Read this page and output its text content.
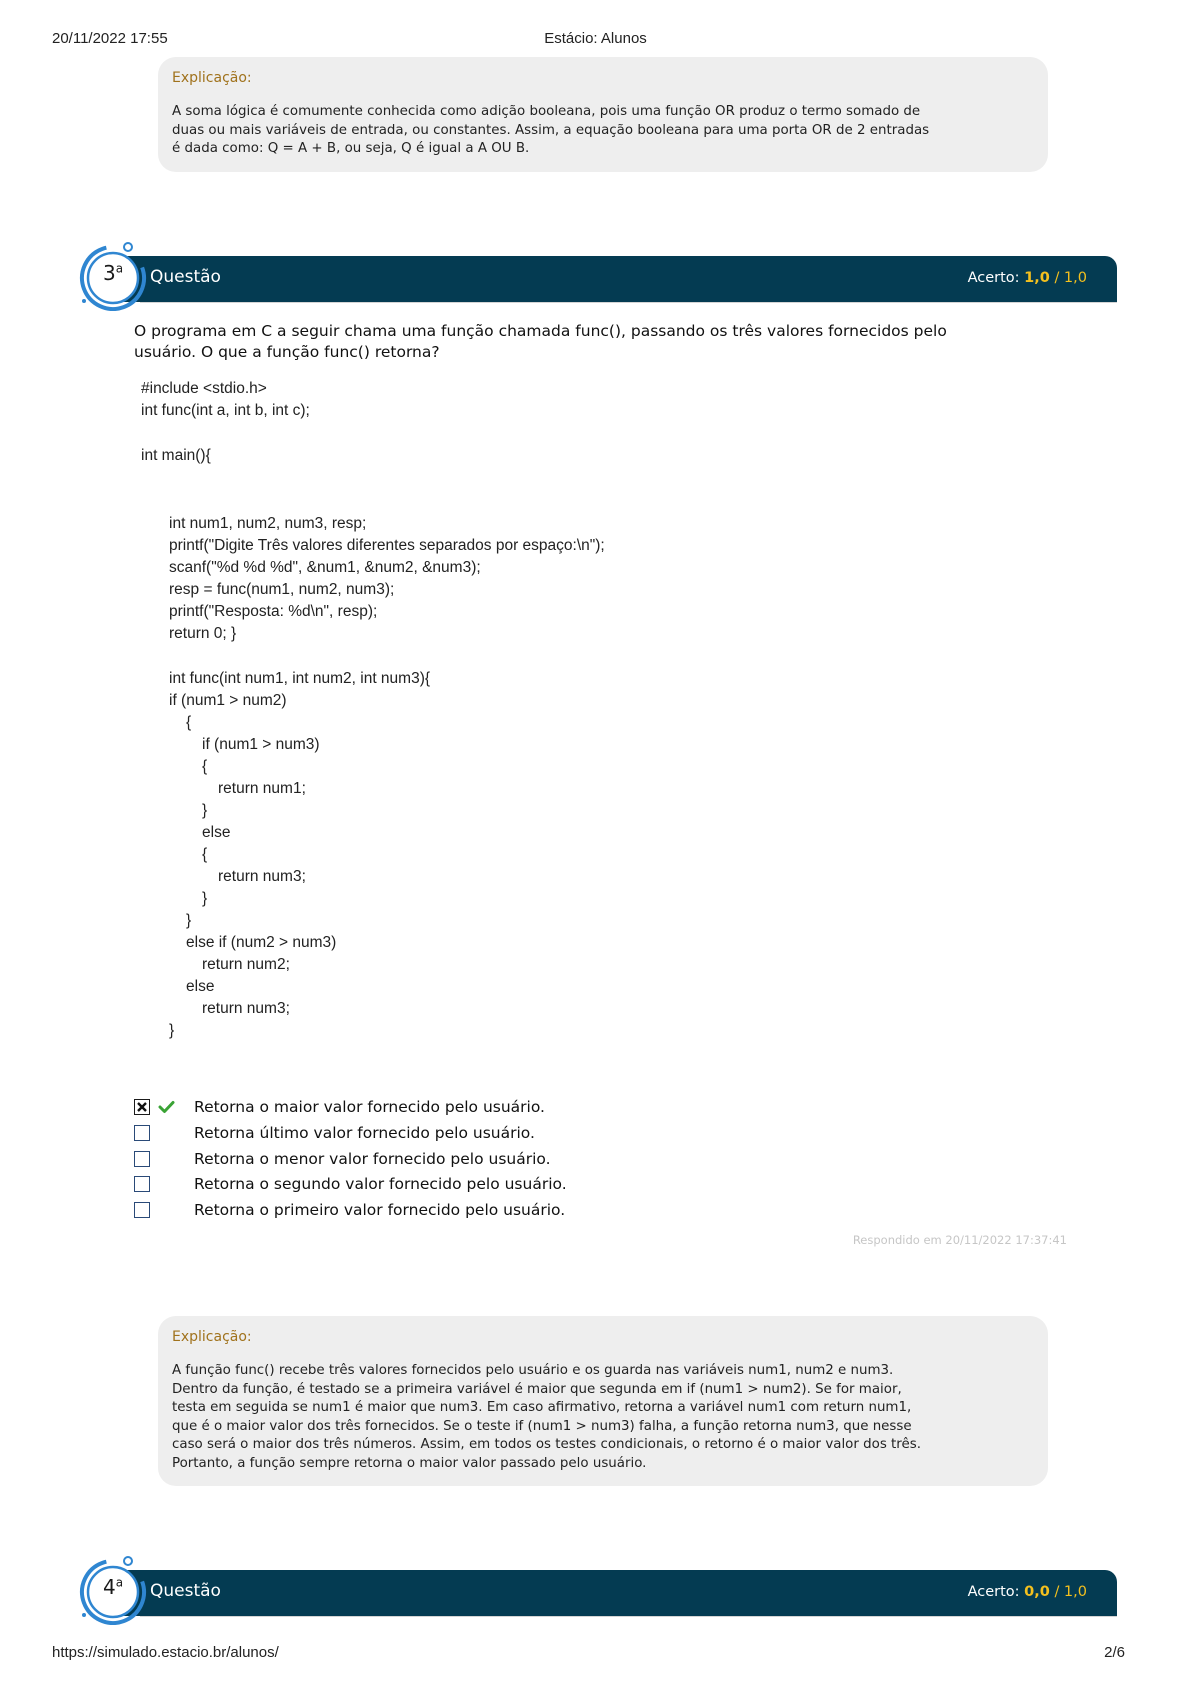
20/11/2022 17:55	Estácio: Alunos
Explicação:
A soma lógica é comumente conhecida como adição booleana, pois uma função OR produz o termo somado de
duas ou mais variáveis de entrada, ou constantes. Assim, a equação booleana para uma porta OR de 2 entradas
é dada como: Q = A + B, ou seja, Q é igual a A OU B.
Questão	Acerto: 1,0 / 1,0
3$^a$
O programa em C a seguir chama uma função chamada func(), passando os três valores fornecidos pelo
usuário. O que a função func() retorna?
#include <stdio.h>
int func(int a, int b, int c);
int main(){
int num1, num2, num3, resp;
printf("Digite Três valores diferentes separados por espaço:\n");
scanf("%d %d %d", &num1, &num2, &num3);
resp = func(num1, num2, num3);
printf("Resposta: %d\n", resp);
return 0; }
int func(int num1, int num2, int num3){
if (num1 > num2)
{
if (num1 > num3)
{
return num1;
}
else
{
return num3;
}
}
else if (num2 > num3)
return num2;
else
return num3;
}
Retorna o maior valor fornecido pelo usuário.
Retorna último valor fornecido pelo usuário.
Retorna o menor valor fornecido pelo usuário.
Retorna o segundo valor fornecido pelo usuário.
Retorna o primeiro valor fornecido pelo usuário.
Respondido em 20/11/2022 17:37:41
Explicação:
A função func() recebe três valores fornecidos pelo usuário e os guarda nas variáveis num1, num2 e num3.
Dentro da função, é testado se a primeira variável é maior que segunda em if (num1 > num2). Se for maior,
testa em seguida se num1 é maior que num3. Em caso afirmativo, retorna a variável num1 com return num1,
que é o maior valor dos três fornecidos. Se o teste if (num1 > num3) falha, a função retorna num3, que nesse
caso será o maior dos três números. Assim, em todos os testes condicionais, o retorno é o maior valor dos três.
Portanto, a função sempre retorna o maior valor passado pelo usuário.
Questão	Acerto: 0,0 / 1,0
4$^a$
https://simulado.estacio.br/alunos/	2/6
